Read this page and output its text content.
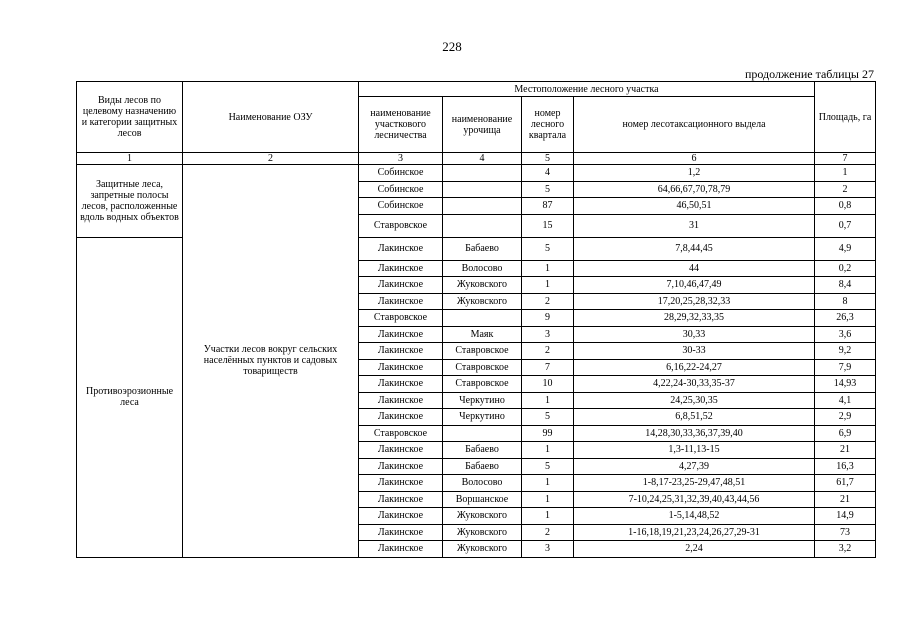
228
продолжение таблицы 27
Виды лесов по целевому назначению и категории защитных лесов	Наименование ОЗУ	Местоположение лесного участка				Площадь, га
		наименование участкового лесничества	наименование урочища	номер лесного квартала	номер лесотаксационного выдела	
1	2	3	4	5	6	7
Защитные леса, запретные полосы лесов, расположенные вдоль водных объектов	Участки лесов вокруг сельских населённых пунктов и садовых товариществ	Собинское		4	1,2	1
		Собинское		5	64,66,67,70,78,79	2
		Собинское		87	46,50,51	0,8
		Ставровское		15	31	0,7
Противоэрозионные леса		Лакинское	Бабаево	5	7,8,44,45	4,9
		Лакинское	Волосово	1	44	0,2
		Лакинское	Жуковского	1	7,10,46,47,49	8,4
		Лакинское	Жуковского	2	17,20,25,28,32,33	8
		Ставровское		9	28,29,32,33,35	26,3
		Лакинское	Маяк	3	30,33	3,6
		Лакинское	Ставровское	2	30-33	9,2
		Лакинское	Ставровское	7	6,16,22-24,27	7,9
		Лакинское	Ставровское	10	4,22,24-30,33,35-37	14,93
		Лакинское	Черкутино	1	24,25,30,35	4,1
		Лакинское	Черкутино	5	6,8,51,52	2,9
		Ставровское		99	14,28,30,33,36,37,39,40	6,9
		Лакинское	Бабаево	1	1,3-11,13-15	21
		Лакинское	Бабаево	5	4,27,39	16,3
		Лакинское	Волосово	1	1-8,17-23,25-29,47,48,51	61,7
		Лакинское	Воршанское	1	7-10,24,25,31,32,39,40,43,44,56	21
		Лакинское	Жуковского	1	1-5,14,48,52	14,9
		Лакинское	Жуковского	2	1-16,18,19,21,23,24,26,27,29-31	73
		Лакинское	Жуковского	3	2,24	3,2
